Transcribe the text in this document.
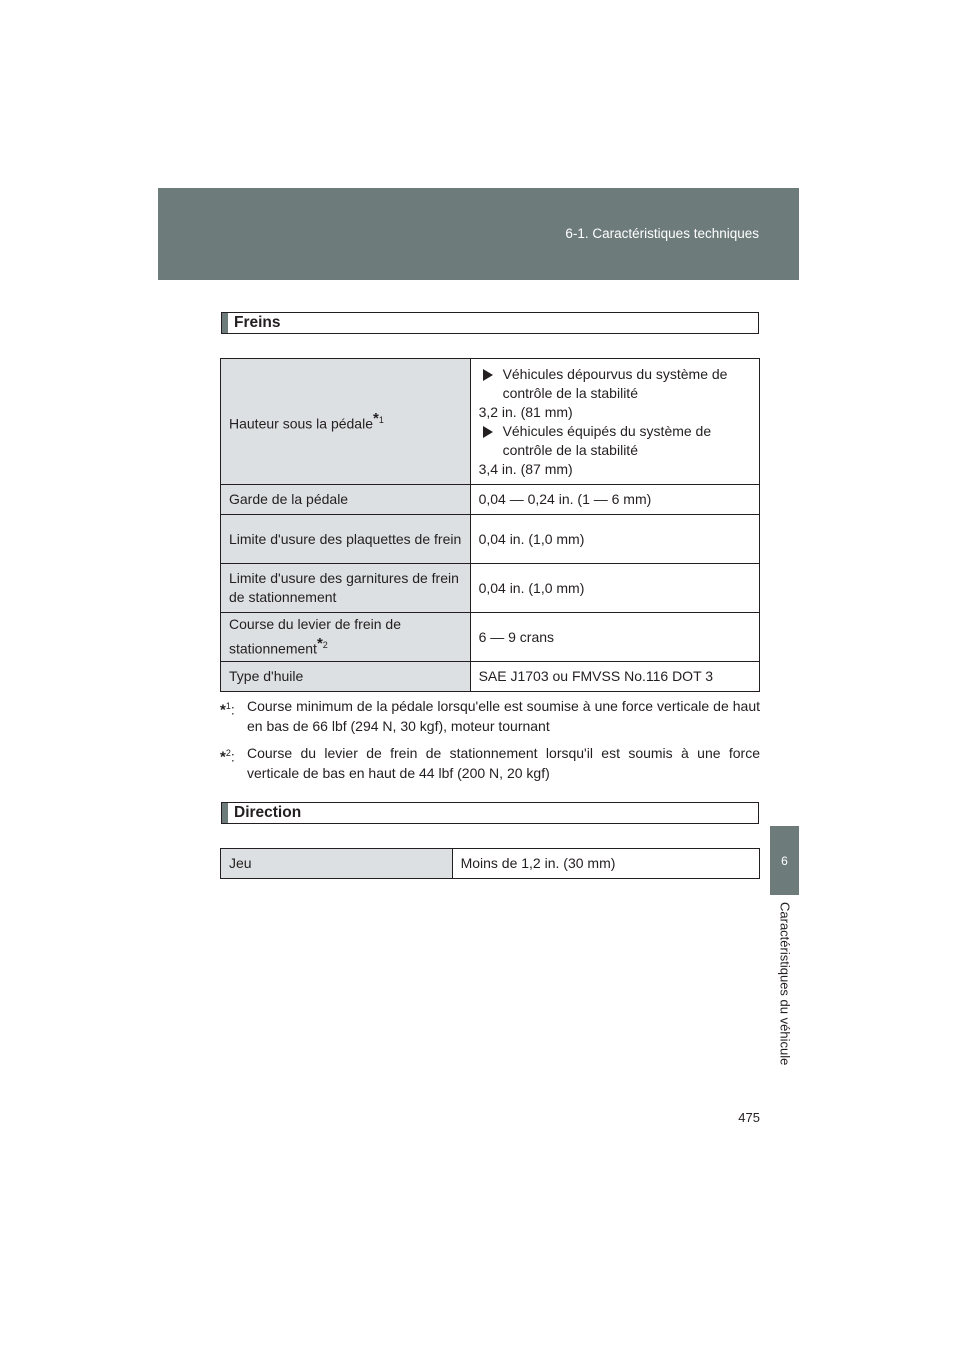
6-1. Caractéristiques techniques
6
Caractéristiques du véhicule
Freins
Hauteur sous la pédale$^{*1}$	Véhicules dépourvus du système de contrôle de la stabilité
3,2 in. (81 mm)
Véhicules équipés du système de contrôle de la stabilité
3,4 in. (87 mm)

Garde de la pédale	0,04 — 0,24 in. (1 — 6 mm)
Limite d'usure des plaquettes de frein	0,04 in. (1,0 mm)
Limite d'usure des garnitures de frein de stationnement	0,04 in. (1,0 mm)
Course du levier de frein de stationnement$^{*2}$	6 — 9 crans
Type d'huile	SAE J1703 ou FMVSS No.116 DOT 3
*$^1$: Course minimum de la pédale lorsqu'elle est soumise à une force verticale de haut en bas de 66 lbf (294 N, 30 kgf), moteur tournant
*$^2$: Course du levier de frein de stationnement lorsqu'il est soumis à une force verticale de bas en haut de 44 lbf (200 N, 20 kgf)
Direction
Jeu	Moins de 1,2 in. (30 mm)
475
